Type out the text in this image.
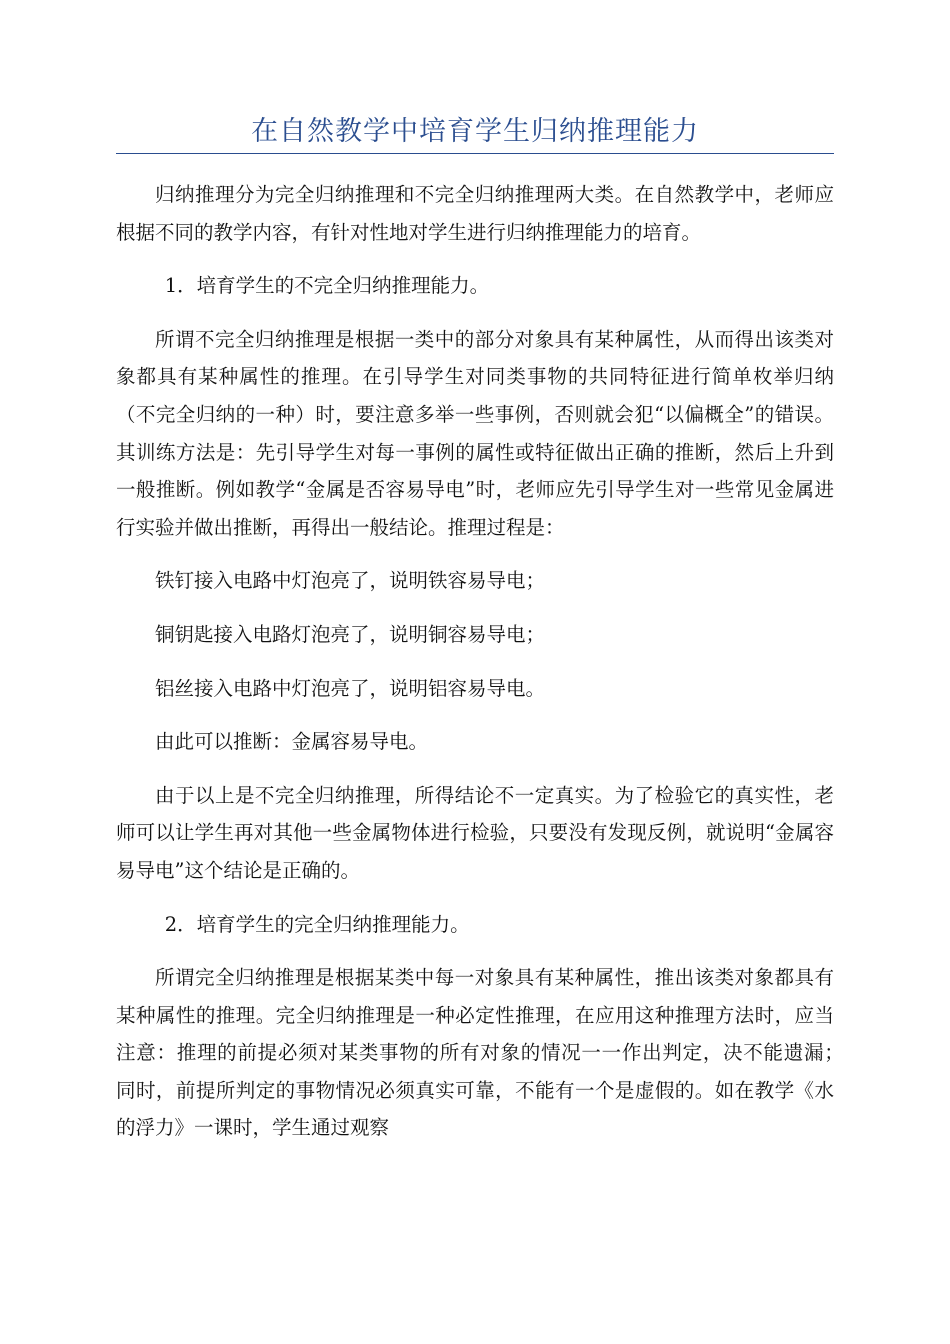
在自然教学中培育学生归纳推理能力

归纳推理分为完全归纳推理和不完全归纳推理两大类。在自然教学中，老师应根据不同的教学内容，有针对性地对学生进行归纳推理能力的培育。

1．培育学生的不完全归纳推理能力。

所谓不完全归纳推理是根据一类中的部分对象具有某种属性，从而得出该类对象都具有某种属性的推理。在引导学生对同类事物的共同特征进行简单枚举归纳（不完全归纳的一种）时，要注意多举一些事例，否则就会犯“以偏概全”的错误。其训练方法是：先引导学生对每一事例的属性或特征做出正确的推断，然后上升到一般推断。例如教学“金属是否容易导电”时，老师应先引导学生对一些常见金属进行实验并做出推断，再得出一般结论。推理过程是：

铁钉接入电路中灯泡亮了，说明铁容易导电；

铜钥匙接入电路灯泡亮了，说明铜容易导电；

铝丝接入电路中灯泡亮了，说明铝容易导电。

由此可以推断：金属容易导电。

由于以上是不完全归纳推理，所得结论不一定真实。为了检验它的真实性，老师可以让学生再对其他一些金属物体进行检验，只要没有发现反例，就说明“金属容易导电”这个结论是正确的。

2．培育学生的完全归纳推理能力。

所谓完全归纳推理是根据某类中每一对象具有某种属性，推出该类对象都具有某种属性的推理。完全归纳推理是一种必定性推理，在应用这种推理方法时，应当注意：推理的前提必须对某类事物的所有对象的情况一一作出判定，决不能遗漏；　 同时，前提所判定的事物情况必须真实可靠，不能有一个是虚假的。如在教学《水的浮力》一课时，学生通过观察
